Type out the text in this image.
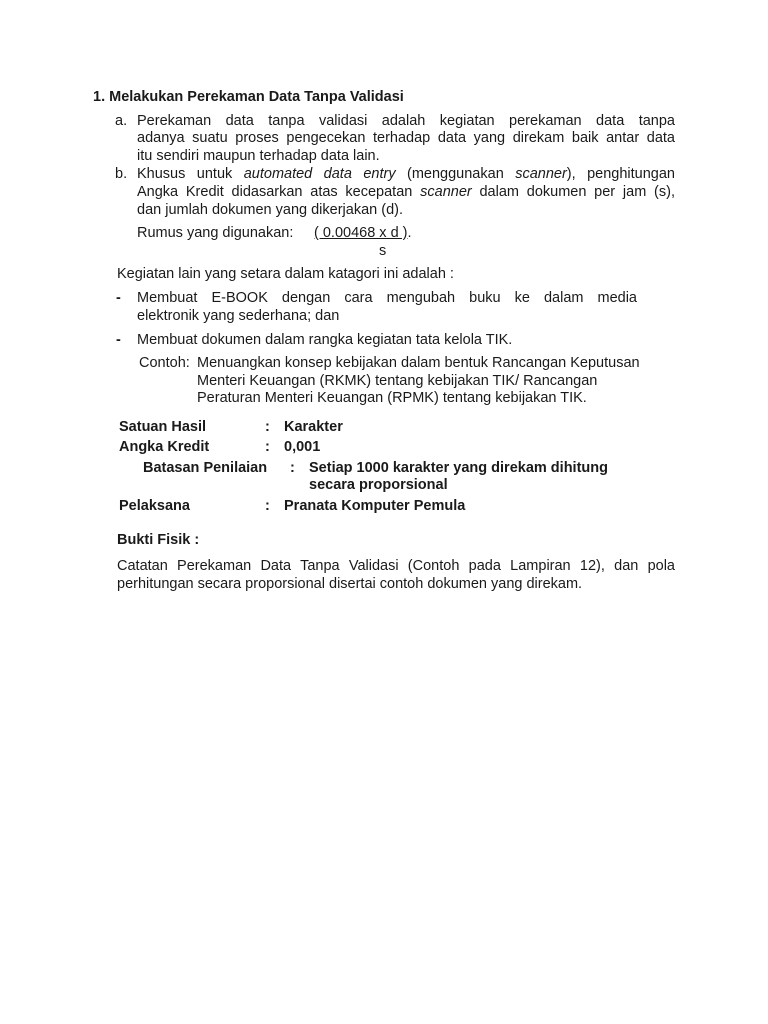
1. Melakukan Perekaman Data Tanpa Validasi
a. Perekaman data tanpa validasi adalah kegiatan perekaman data tanpa
adanya suatu proses pengecekan terhadap data yang direkam baik antar data
itu sendiri maupun terhadap data lain.
b. Khusus untuk automated data entry (menggunakan scanner), penghitungan
Angka Kredit didasarkan atas kecepatan scanner dalam dokumen per jam (s),
dan jumlah dokumen yang dikerjakan (d).
Rumus yang digunakan: ( 0.00468 x d ).
s
Kegiatan lain yang setara dalam katagori ini adalah :
- Membuat E-BOOK dengan cara mengubah buku ke dalam media
elektronik yang sederhana; dan
- Membuat dokumen dalam rangka kegiatan tata kelola TIK.
Contoh: Menuangkan konsep kebijakan dalam bentuk Rancangan Keputusan
Menteri Keuangan (RKMK) tentang kebijakan TIK/ Rancangan
Peraturan Menteri Keuangan (RPMK) tentang kebijakan TIK.
Satuan Hasil	: Karakter
Angka Kredit	: 0,001
Batasan Penilaian : Setiap 1000 karakter yang direkam dihitung
secara proporsional
Pelaksana	: Pranata Komputer Pemula
Bukti Fisik :
Catatan Perekaman Data Tanpa Validasi (Contoh pada Lampiran 12), dan pola
perhitungan secara proporsional disertai contoh dokumen yang direkam.
